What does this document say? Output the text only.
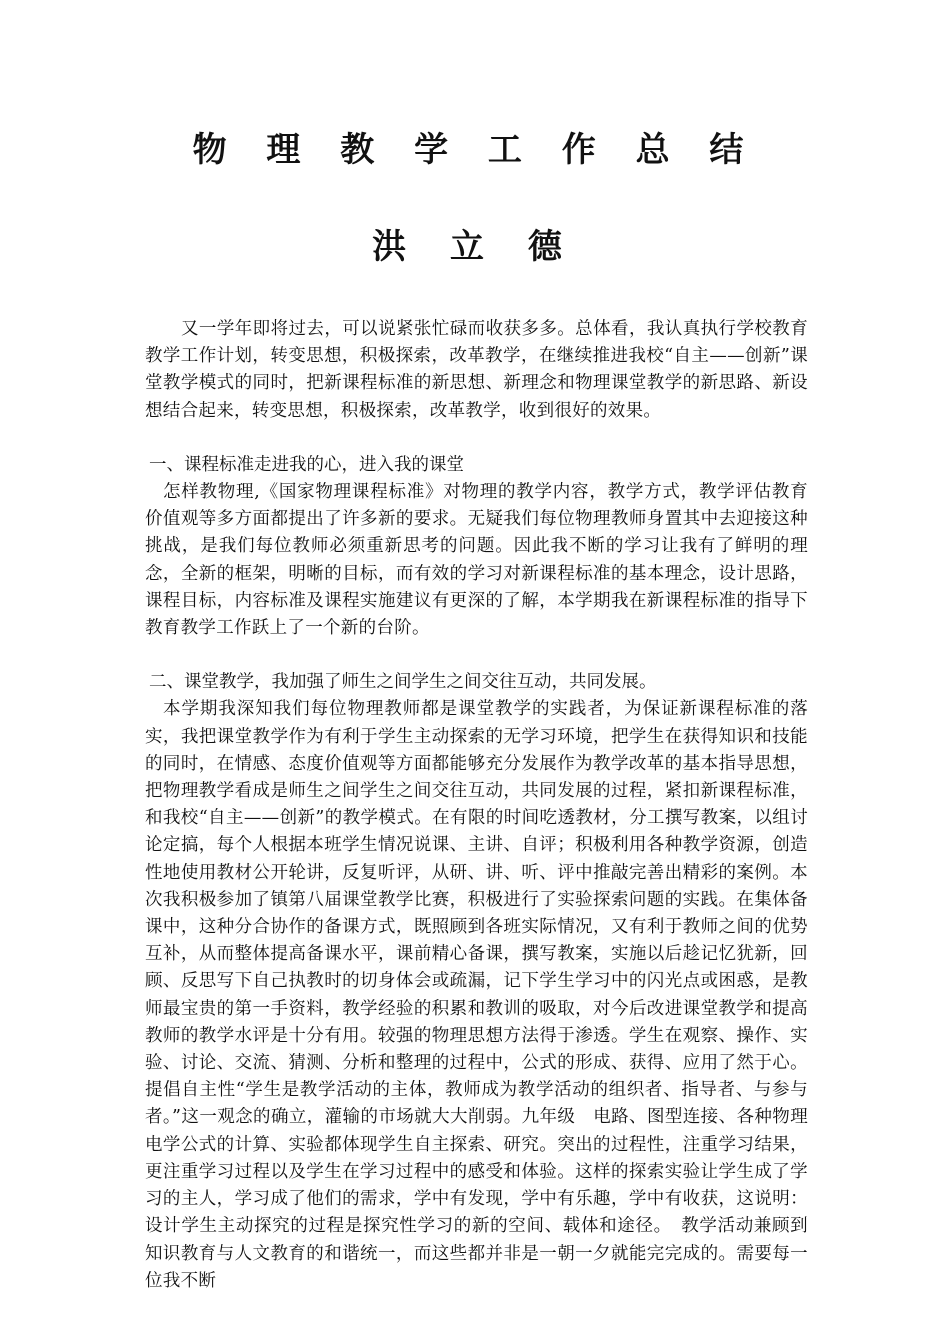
物 理 教 学 工 作 总 结
洪 立 德

又一学年即将过去，可以说紧张忙碌而收获多多。总体看，我认真执行学校教育教学工作计划，转变思想，积极探索，改革教学，在继续推进我校“自主——创新”课堂教学模式的同时，把新课程标准的新思想、新理念和物理课堂教学的新思路、新设想结合起来，转变思想，积极探索，改革教学，收到很好的效果。

一、课程标准走进我的心，进入我的课堂

怎样教物理,《国家物理课程标准》对物理的教学内容，教学方式，教学评估教育价值观等多方面都提出了许多新的要求。无疑我们每位物理教师身置其中去迎接这种挑战，是我们每位教师必须重新思考的问题。因此我不断的学习让我有了鲜明的理念，全新的框架，明晰的目标，而有效的学习对新课程标准的基本理念，设计思路，课程目标，内容标准及课程实施建议有更深的了解，本学期我在新课程标准的指导下教育教学工作跃上了一个新的台阶。

二、课堂教学，我加强了师生之间学生之间交往互动，共同发展。

本学期我深知我们每位物理教师都是课堂教学的实践者，为保证新课程标准的落实，我把课堂教学作为有利于学生主动探索的无学习环境，把学生在获得知识和技能的同时，在情感、态度价值观等方面都能够充分发展作为教学改革的基本指导思想，把物理教学看成是师生之间学生之间交往互动，共同发展的过程，紧扣新课程标准，和我校“自主——创新”的教学模式。在有限的时间吃透教材，分工撰写教案，以组讨论定搞，每个人根据本班学生情况说课、主讲、自评；积极利用各种教学资源，创造性地使用教材公开轮讲，反复听评，从研、讲、听、评中推敲完善出精彩的案例。本次我积极参加了镇第八届课堂教学比赛，积极进行了实验探索问题的实践。在集体备课中，这种分合协作的备课方式，既照顾到各班实际情况，又有利于教师之间的优势互补，从而整体提高备课水平，课前精心备课，撰写教案，实施以后趁记忆犹新，回顾、反思写下自己执教时的切身体会或疏漏，记下学生学习中的闪光点或困惑，是教师最宝贵的第一手资料，教学经验的积累和教训的吸取，对今后改进课堂教学和提高教师的教学水评是十分有用。较强的物理思想方法得于渗透。学生在观察、操作、实验、讨论、交流、猜测、分析和整理的过程中，公式的形成、获得、应用了然于心。提倡自主性“学生是教学活动的主体，教师成为教学活动的组织者、指导者、与参与者。”这一观念的确立，灌输的市场就大大削弱。九年级　电路、图型连接、各种物理电学公式的计算、实验都体现学生自主探索、研究。突出的过程性，注重学习结果，更注重学习过程以及学生在学习过程中的感受和体验。这样的探索实验让学生成了学习的主人，学习成了他们的需求，学中有发现，学中有乐趣，学中有收获，这说明：设计学生主动探究的过程是探究性学习的新的空间、载体和途径。　教学活动兼顾到知识教育与人文教育的和谐统一，而这些都并非是一朝一夕就能完完成的。需要每一位我不断
